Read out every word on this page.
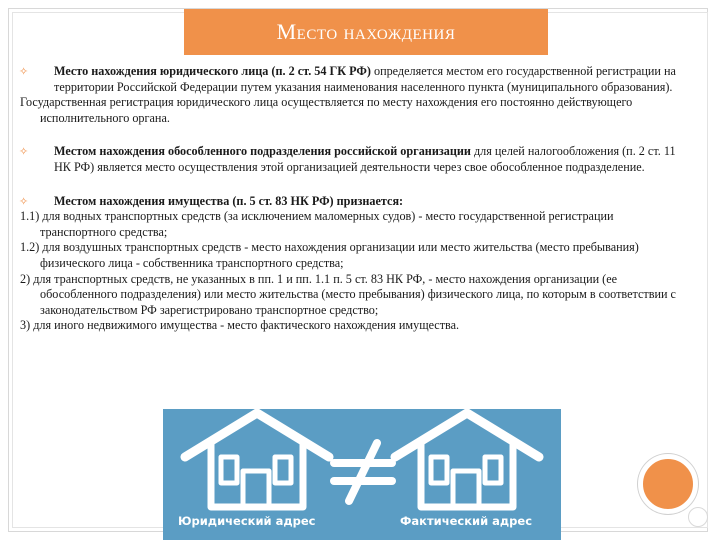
Место нахождения
✧ Место нахождения юридического лица (п. 2 ст. 54 ГК РФ) определяется местом его государственной регистрации на территории Российской Федерации путем указания наименования населенного пункта (муниципального образования).
Государственная регистрация юридического лица осуществляется по месту нахождения его постоянно действующего исполнительного органа.
✧ Местом нахождения обособленного подразделения российской организации для целей налогообложения (п. 2 ст. 11 НК РФ) является место осуществления этой организацией деятельности через свое обособленное подразделение.
✧ Местом нахождения имущества (п. 5 ст. 83 НК РФ) признается:
1.1) для водных транспортных средств (за исключением маломерных судов) - место государственной регистрации транспортного средства;
1.2) для воздушных транспортных средств - место нахождения организации или место жительства (место пребывания) физического лица - собственника транспортного средства;
2) для транспортных средств, не указанных в пп. 1 и пп. 1.1 п. 5 ст. 83 НК РФ, - место нахождения организации (ее обособленного подразделения) или место жительства (место пребывания) физического лица, по которым в соответствии с законодательством РФ зарегистрировано транспортное средство;
3) для иного недвижимого имущества - место фактического нахождения имущества.
Юридический адрес	Фактический адрес
